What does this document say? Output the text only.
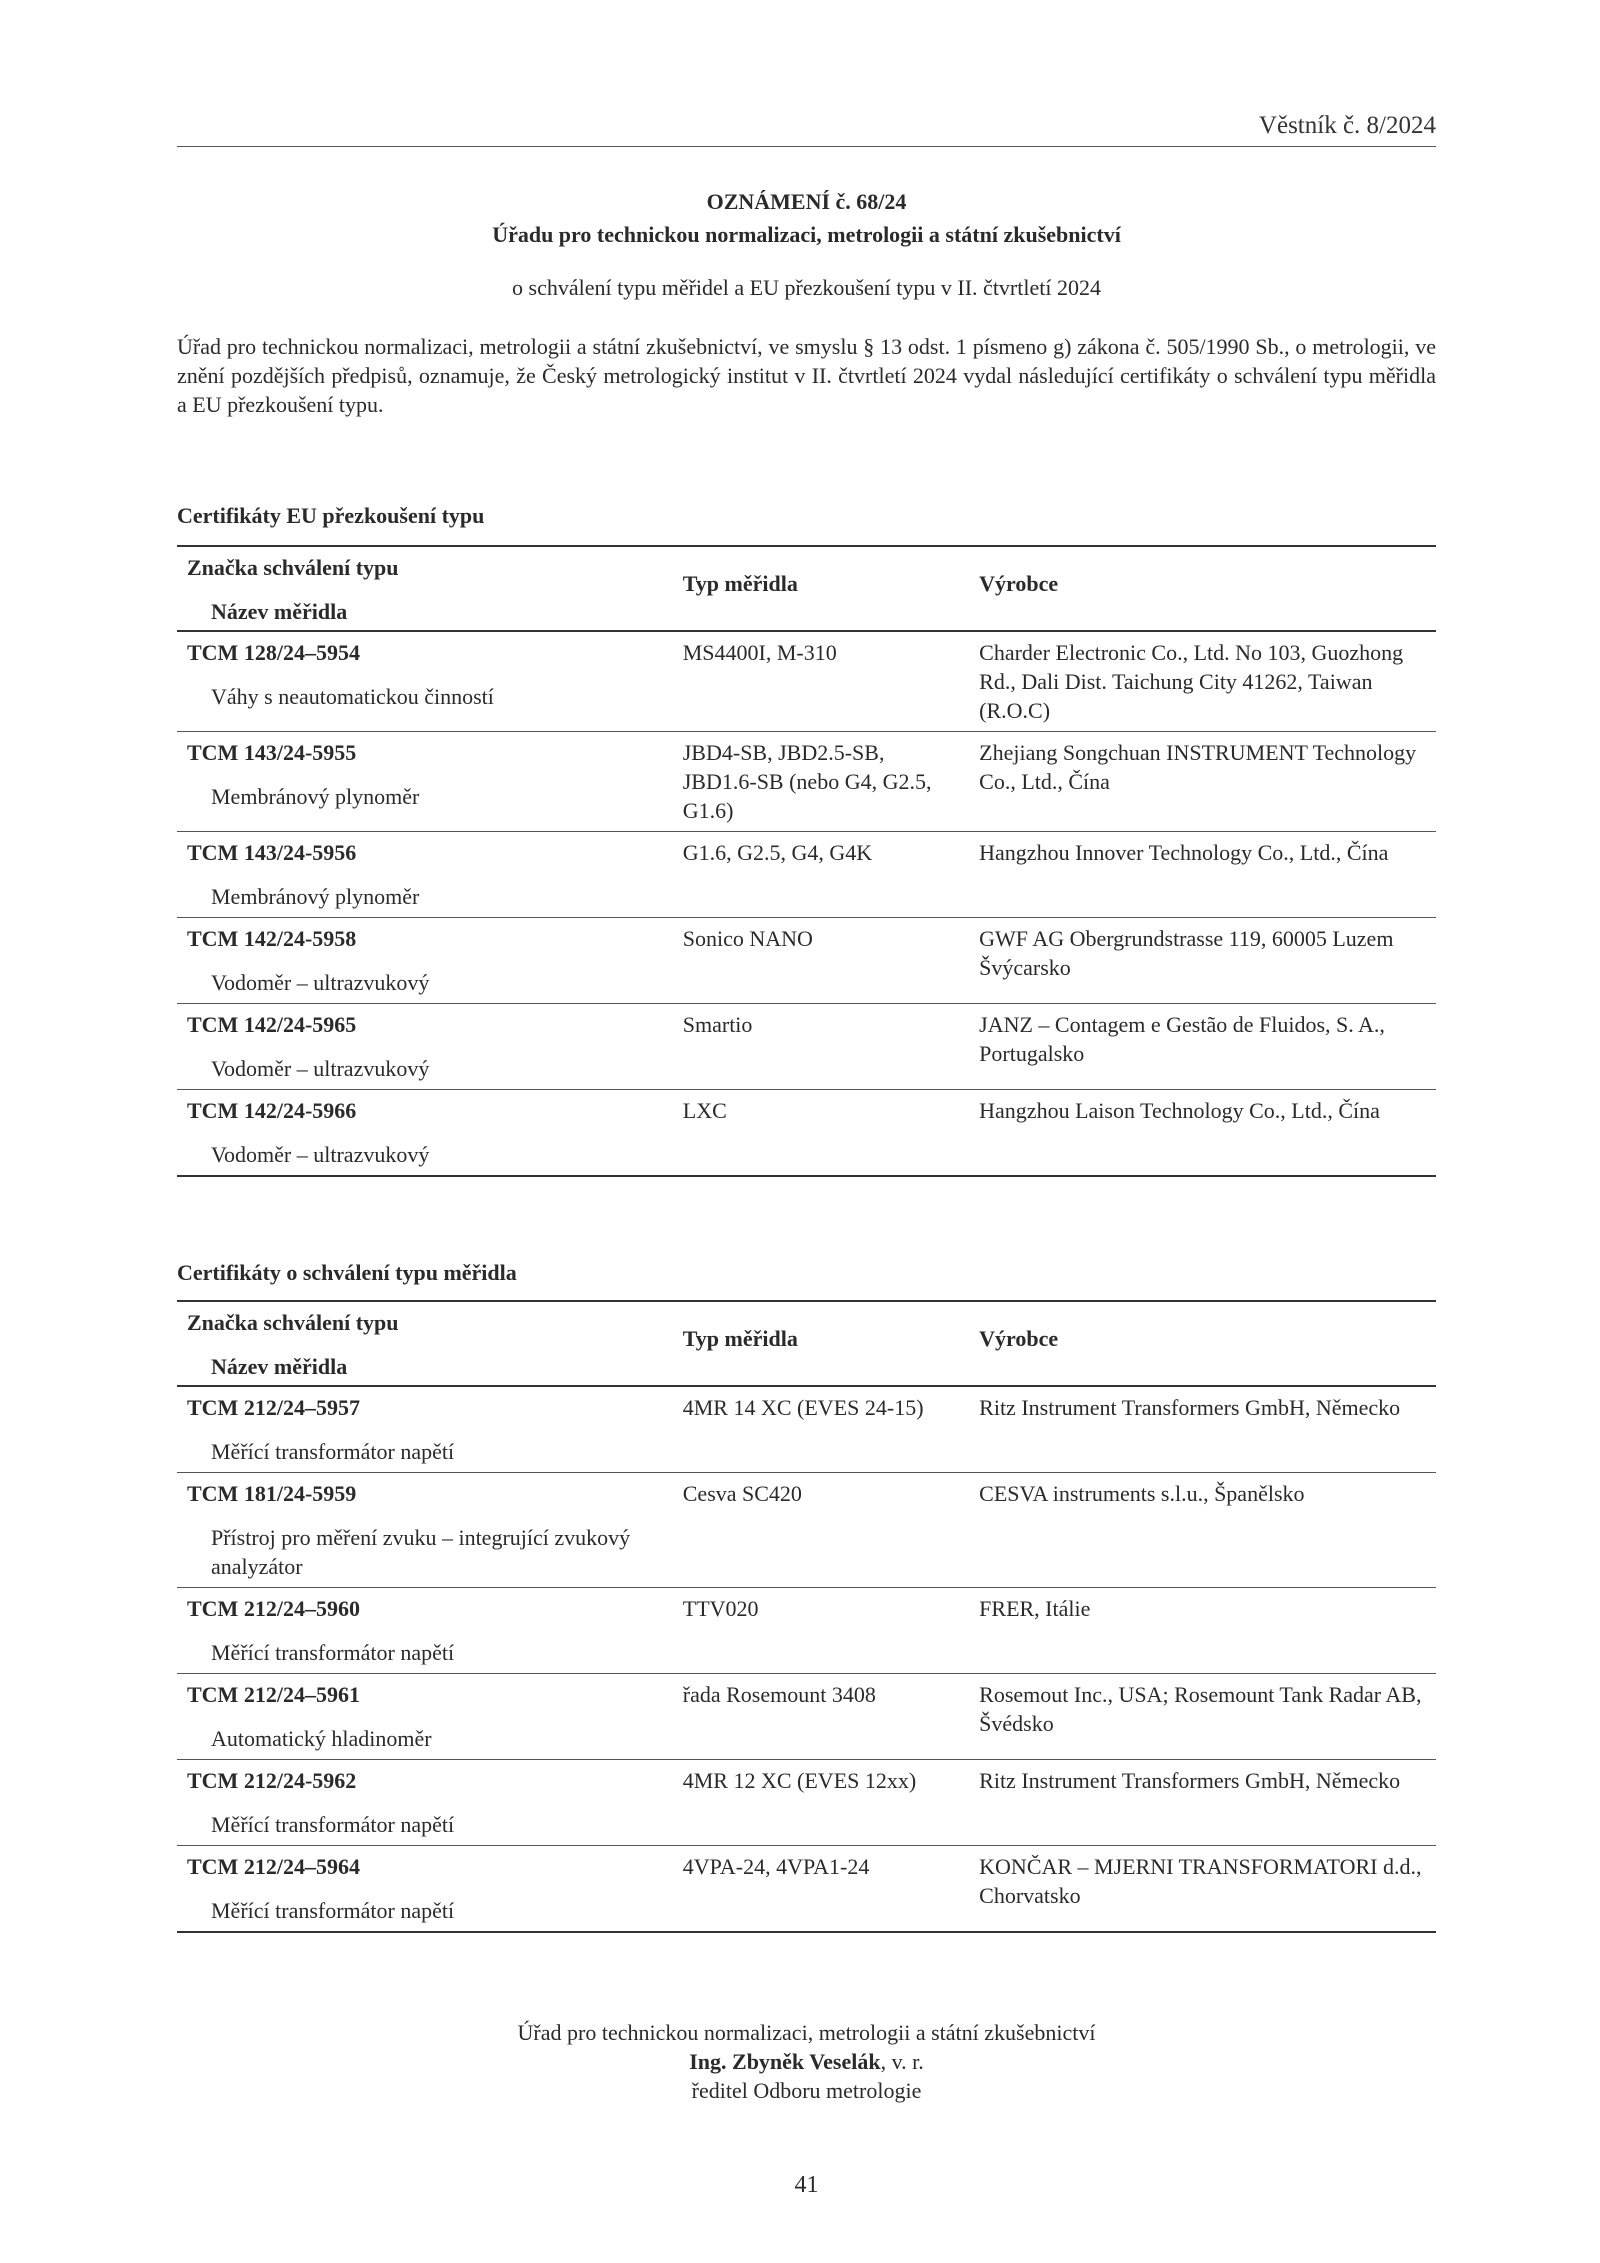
Věstník č. 8/2024
OZNÁMENÍ č. 68/24
Úřadu pro technickou normalizaci, metrologii a státní zkušebnictví
o schválení typu měřidel a EU přezkoušení typu v II. čtvrtletí 2024
Úřad pro technickou normalizaci, metrologii a státní zkušebnictví, ve smyslu § 13 odst. 1 písmeno g) zákona č. 505/1990 Sb., o metrologii, ve znění pozdějších předpisů, oznamuje, že Český metrologický institut v II. čtvrtletí 2024 vydal následující certifikáty o schválení typu měřidla a EU přezkoušení typu.
Certifikáty EU přezkoušení typu
Značka schválení typu
Název měřidla	Typ měřidla	Výrobce

TCM 128/24–5954
Váhy s neautomatickou činností	MS4400I, M-310	Charder Electronic Co., Ltd. No 103, Guozhong Rd., Dali Dist. Taichung City 41262, Taiwan (R.O.C)

TCM 143/24-5955
Membránový plynoměr	JBD4-SB, JBD2.5-SB, JBD1.6-SB (nebo G4, G2.5, G1.6)	Zhejiang Songchuan INSTRUMENT Technology Co., Ltd., Čína

TCM 143/24-5956
Membránový plynoměr	G1.6, G2.5, G4, G4K	Hangzhou Innover Technology Co., Ltd., Čína

TCM 142/24-5958
Vodoměr – ultrazvukový	Sonico NANO	GWF AG Obergrundstrasse 119, 60005 Luzem Švýcarsko

TCM 142/24-5965
Vodoměr – ultrazvukový	Smartio	JANZ – Contagem e Gestão de Fluidos, S. A., Portugalsko

TCM 142/24-5966
Vodoměr – ultrazvukový	LXC	Hangzhou Laison Technology Co., Ltd., Čína
Certifikáty o schválení typu měřidla
Značka schválení typu
Název měřidla	Typ měřidla	Výrobce

TCM 212/24–5957
Měřící transformátor napětí	4MR 14 XC (EVES 24-15)	Ritz Instrument Transformers GmbH, Německo

TCM 181/24-5959
Přístroj pro měření zvuku – integrující zvukový analyzátor	Cesva SC420	CESVA instruments s.l.u., Španělsko

TCM 212/24–5960
Měřící transformátor napětí	TTV020	FRER, Itálie

TCM 212/24–5961
Automatický hladinoměr	řada Rosemount 3408	Rosemout Inc., USA; Rosemount Tank Radar AB, Švédsko

TCM 212/24-5962
Měřící transformátor napětí	4MR 12 XC (EVES 12xx)	Ritz Instrument Transformers GmbH, Německo

TCM 212/24–5964
Měřící transformátor napětí	4VPA-24, 4VPA1-24	KONČAR – MJERNI TRANSFORMATORI d.d., Chorvatsko
Úřad pro technickou normalizaci, metrologii a státní zkušebnictví
Ing. Zbyněk Veselák, v. r.
ředitel Odboru metrologie
41
